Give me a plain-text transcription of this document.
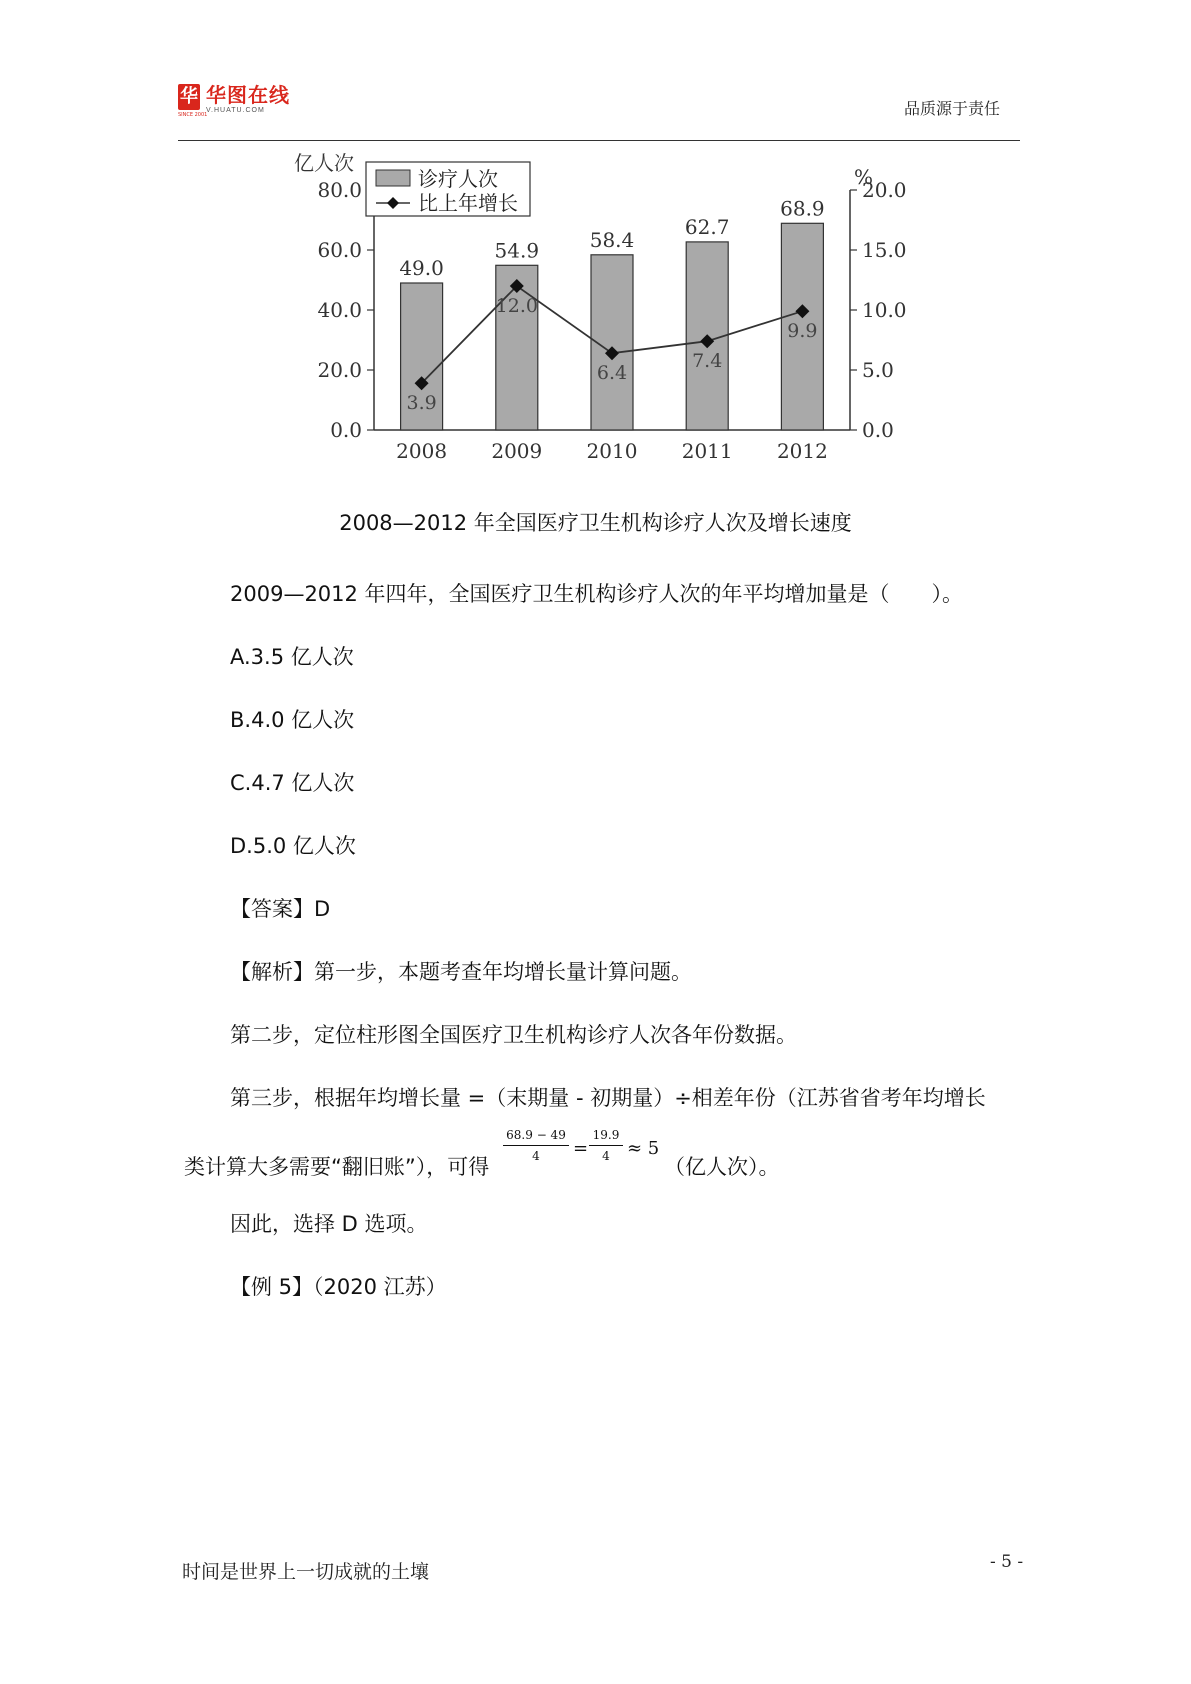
华 华图在线
V.HUATU.COM
SINCE 2001	品质源于责任
0.0
20.0
40.0
60.0
80.0
0.0
5.0
10.0
15.0
20.0
亿人次
%
49.0
54.9	58.4
62.7
68.9
2008 2009 2010 2011 2012
3.9
12.0
6.4
7.4
9.9
诊疗人次
比上年增长
2008—2012 年全国医疗卫生机构诊疗人次及增长速度
2009—2012 年四年，全国医疗卫生机构诊疗人次的年平均增加量是（　　）。
A.3.5 亿人次
B.4.0 亿人次
C.4.7 亿人次
D.5.0 亿人次
【答案】D
【解析】第一步，本题考查年均增长量计算问题。
第二步，定位柱形图全国医疗卫生机构诊疗人次各年份数据。
第三步，根据年均增长量 =（末期量 - 初期量）÷相差年份（江苏省省考年均增长
类计算大多需要“翻旧账”），可得
$\frac{68.9 - 49}{4} = \frac{19.9}{4} \approx 5$
（亿人次）。
因此，选择 D 选项。
【例 5】（2020 江苏）
时间是世界上一切成就的土壤	- 5 -
